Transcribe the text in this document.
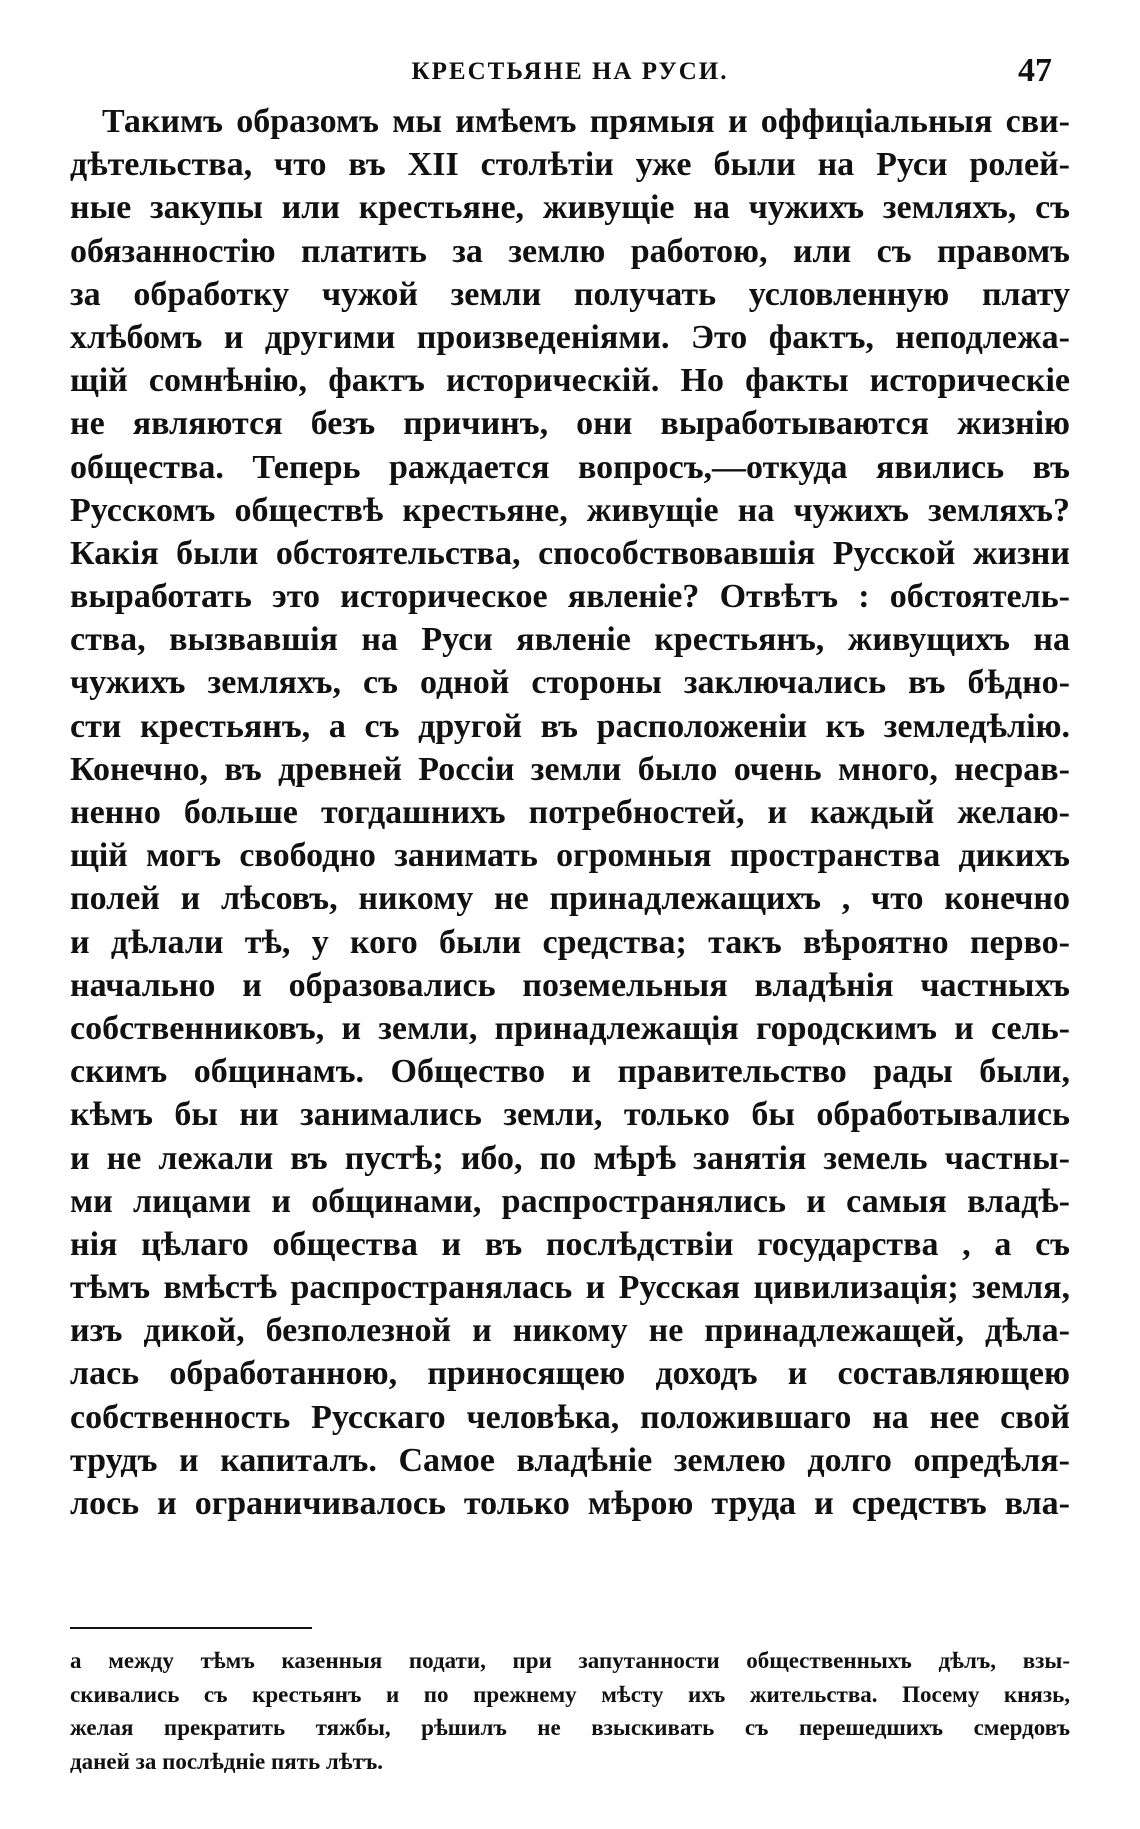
КРЕСТЬЯНЕ НА РУСИ.	47
Такимъ образомъ мы имѣемъ прямыя и оффиціальныя сви-
дѣтельства, что въ XII столѣтіи уже были на Руси ролей-
ные закупы или крестьяне, живущіе на чужихъ земляхъ, съ
обязанностію платить за землю работою, или съ правомъ
за обработку чужой земли получать условленную плату
хлѣбомъ и другими произведеніями. Это фактъ, неподлежа-
щій сомнѣнію, фактъ историческій. Но факты историческіе
не являются безъ причинъ, они выработываются жизнію
общества. Теперь раждается вопросъ,—откуда явились въ
Русскомъ обществѣ крестьяне, живущіе на чужихъ земляхъ?
Какія были обстоятельства, способствовавшія Русской жизни
выработать это историческое явленіе? Отвѣтъ : обстоятель-
ства, вызвавшія на Руси явленіе крестьянъ, живущихъ на
чужихъ земляхъ, съ одной стороны заключались въ бѣдно-
сти крестьянъ, а съ другой въ расположеніи къ земледѣлію.
Конечно, въ древней Россіи земли было очень много, несрав-
ненно больше тогдашнихъ потребностей, и каждый желаю-
щій могъ свободно занимать огромныя пространства дикихъ
полей и лѣсовъ, никому не принадлежащихъ , что конечно
и дѣлали тѣ, у кого были средства; такъ вѣроятно перво-
начально и образовались поземельныя владѣнія частныхъ
собственниковъ, и земли, принадлежащія городскимъ и сель-
скимъ общинамъ. Общество и правительство рады были,
кѣмъ бы ни занимались земли, только бы обработывались
и не лежали въ пустѣ; ибо, по мѣрѣ занятія земель частны-
ми лицами и общинами, распространялись и самыя владѣ-
нія цѣлаго общества и въ послѣдствіи государства , а съ
тѣмъ вмѣстѣ распространялась и Русская цивилизація; земля,
изъ дикой, безполезной и никому не принадлежащей, дѣла-
лась обработанною, приносящею доходъ и составляющею
собственность Русскаго человѣка, положившаго на нее свой
трудъ и капиталъ. Самое владѣніе землею долго опредѣля-
лось и ограничивалось только мѣрою труда и средствъ вла-
а между тѣмъ казенныя подати, при запутанности общественныхъ дѣлъ, взы-
скивались съ крестьянъ и по прежнему мѣсту ихъ жительства. Посему князь,
желая прекратить тяжбы, рѣшилъ не взыскивать съ перешедшихъ смердовъ
даней за послѣдніе пять лѣтъ.
